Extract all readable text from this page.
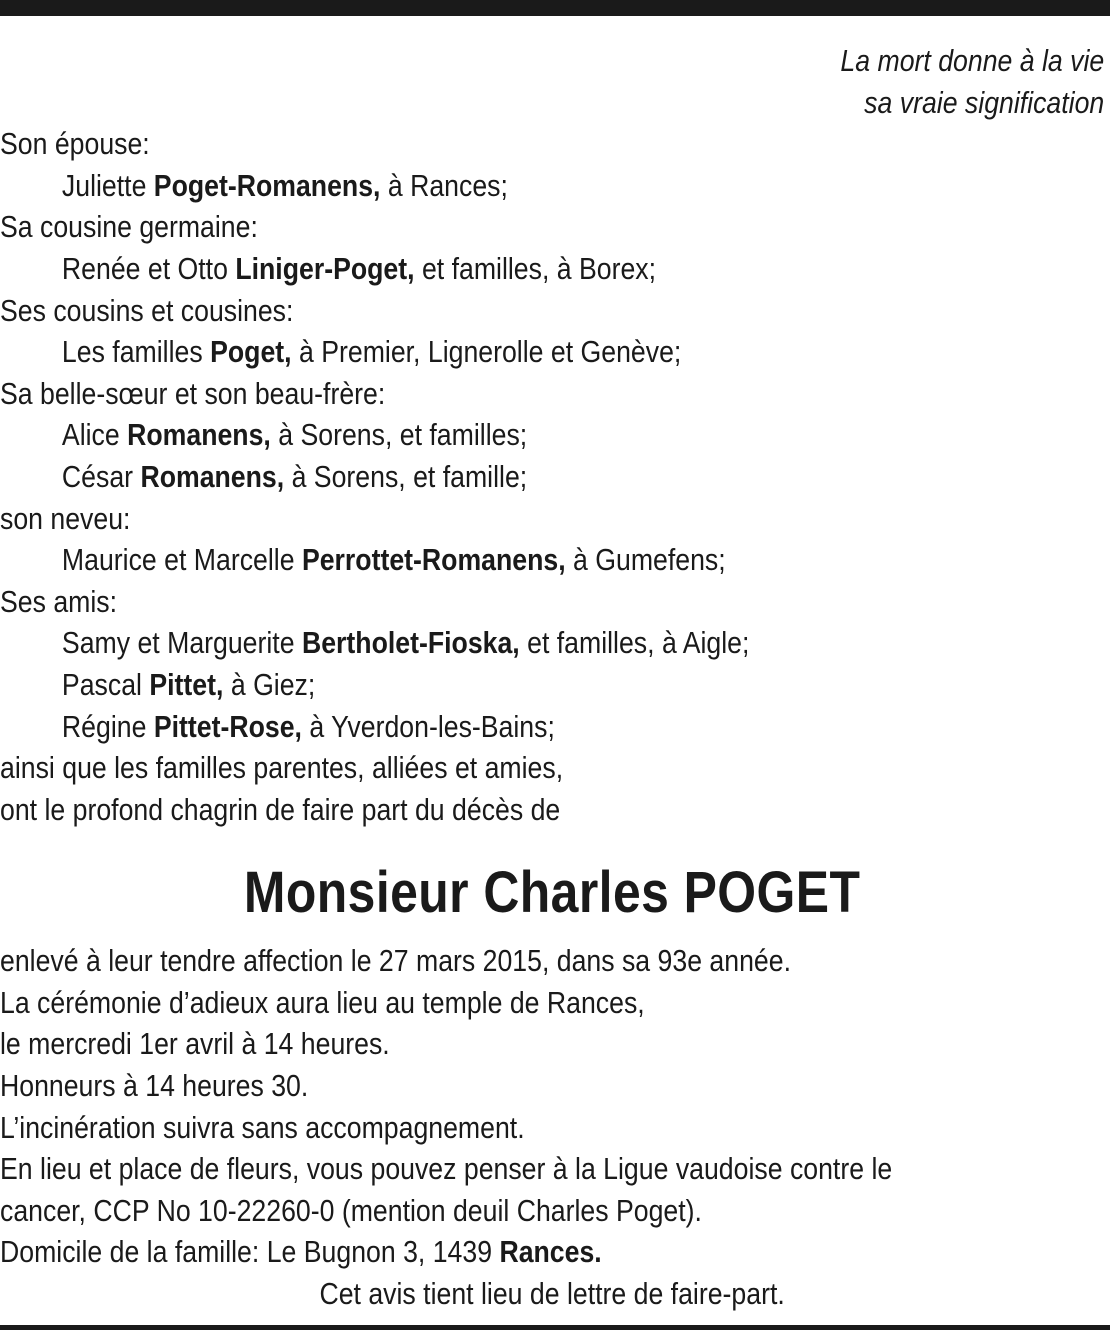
La mort donne à la vie
sa vraie signification
Son épouse:
Juliette Poget-Romanens, à Rances;
Sa cousine germaine:
Renée et Otto Liniger-Poget, et familles, à Borex;
Ses cousins et cousines:
Les familles Poget, à Premier, Lignerolle et Genève;
Sa belle-sœur et son beau-frère:
Alice Romanens, à Sorens, et familles;
César Romanens, à Sorens, et famille;
son neveu:
Maurice et Marcelle Perrottet-Romanens, à Gumefens;
Ses amis:
Samy et Marguerite Bertholet-Fioska, et familles, à Aigle;
Pascal Pittet, à Giez;
Régine Pittet-Rose, à Yverdon-les-Bains;
ainsi que les familles parentes, alliées et amies,
ont le profond chagrin de faire part du décès de
Monsieur Charles POGET
enlevé à leur tendre affection le 27 mars 2015, dans sa 93e année.
La cérémonie d’adieux aura lieu au temple de Rances,
le mercredi 1er avril à 14 heures.
Honneurs à 14 heures 30.
L’incinération suivra sans accompagnement.
En lieu et place de fleurs, vous pouvez penser à la Ligue vaudoise contre le
cancer, CCP No 10-22260-0 (mention deuil Charles Poget).
Domicile de la famille: Le Bugnon 3, 1439 Rances.
Cet avis tient lieu de lettre de faire-part.
